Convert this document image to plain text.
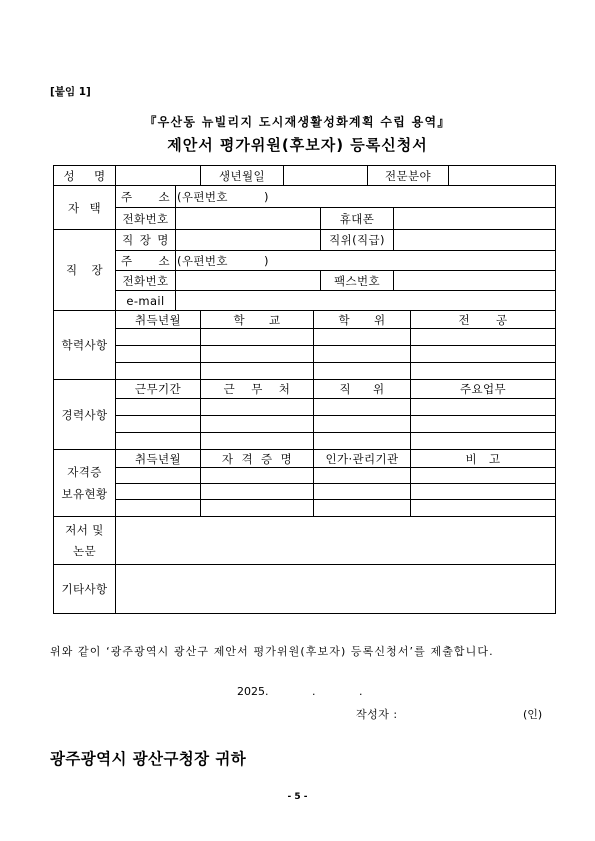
[붙임 1]
『우산동 뉴빌리지 도시재생활성화계획 수립 용역』
제안서 평가위원(후보자) 등록신청서
성 명			생년월일				전문분야			
자 택	주 소	(우편번호 )								
	전화번호					휴대폰				
직 장	직 장 명					직위(직급)				
	주 소	(우편번호 )								
	전화번호					팩스번호				
	e-mail									
학력사항	취득년월		학 교		학 위				전 공	

경력사항	근무기간		근 무 처		직 위				주요업무	

자격증
보유현황	취득년월		자 격 증 명		인가·관리기관				비 고	

저서 및
논문										

기타사항										
위와 같이 ‘광주광역시 광산구 제안서 평가위원(후보자) 등록신청서’를 제출합니다.
2025. . .
작성자 :	(인)
광주광역시 광산구청장 귀하
- 5 -
